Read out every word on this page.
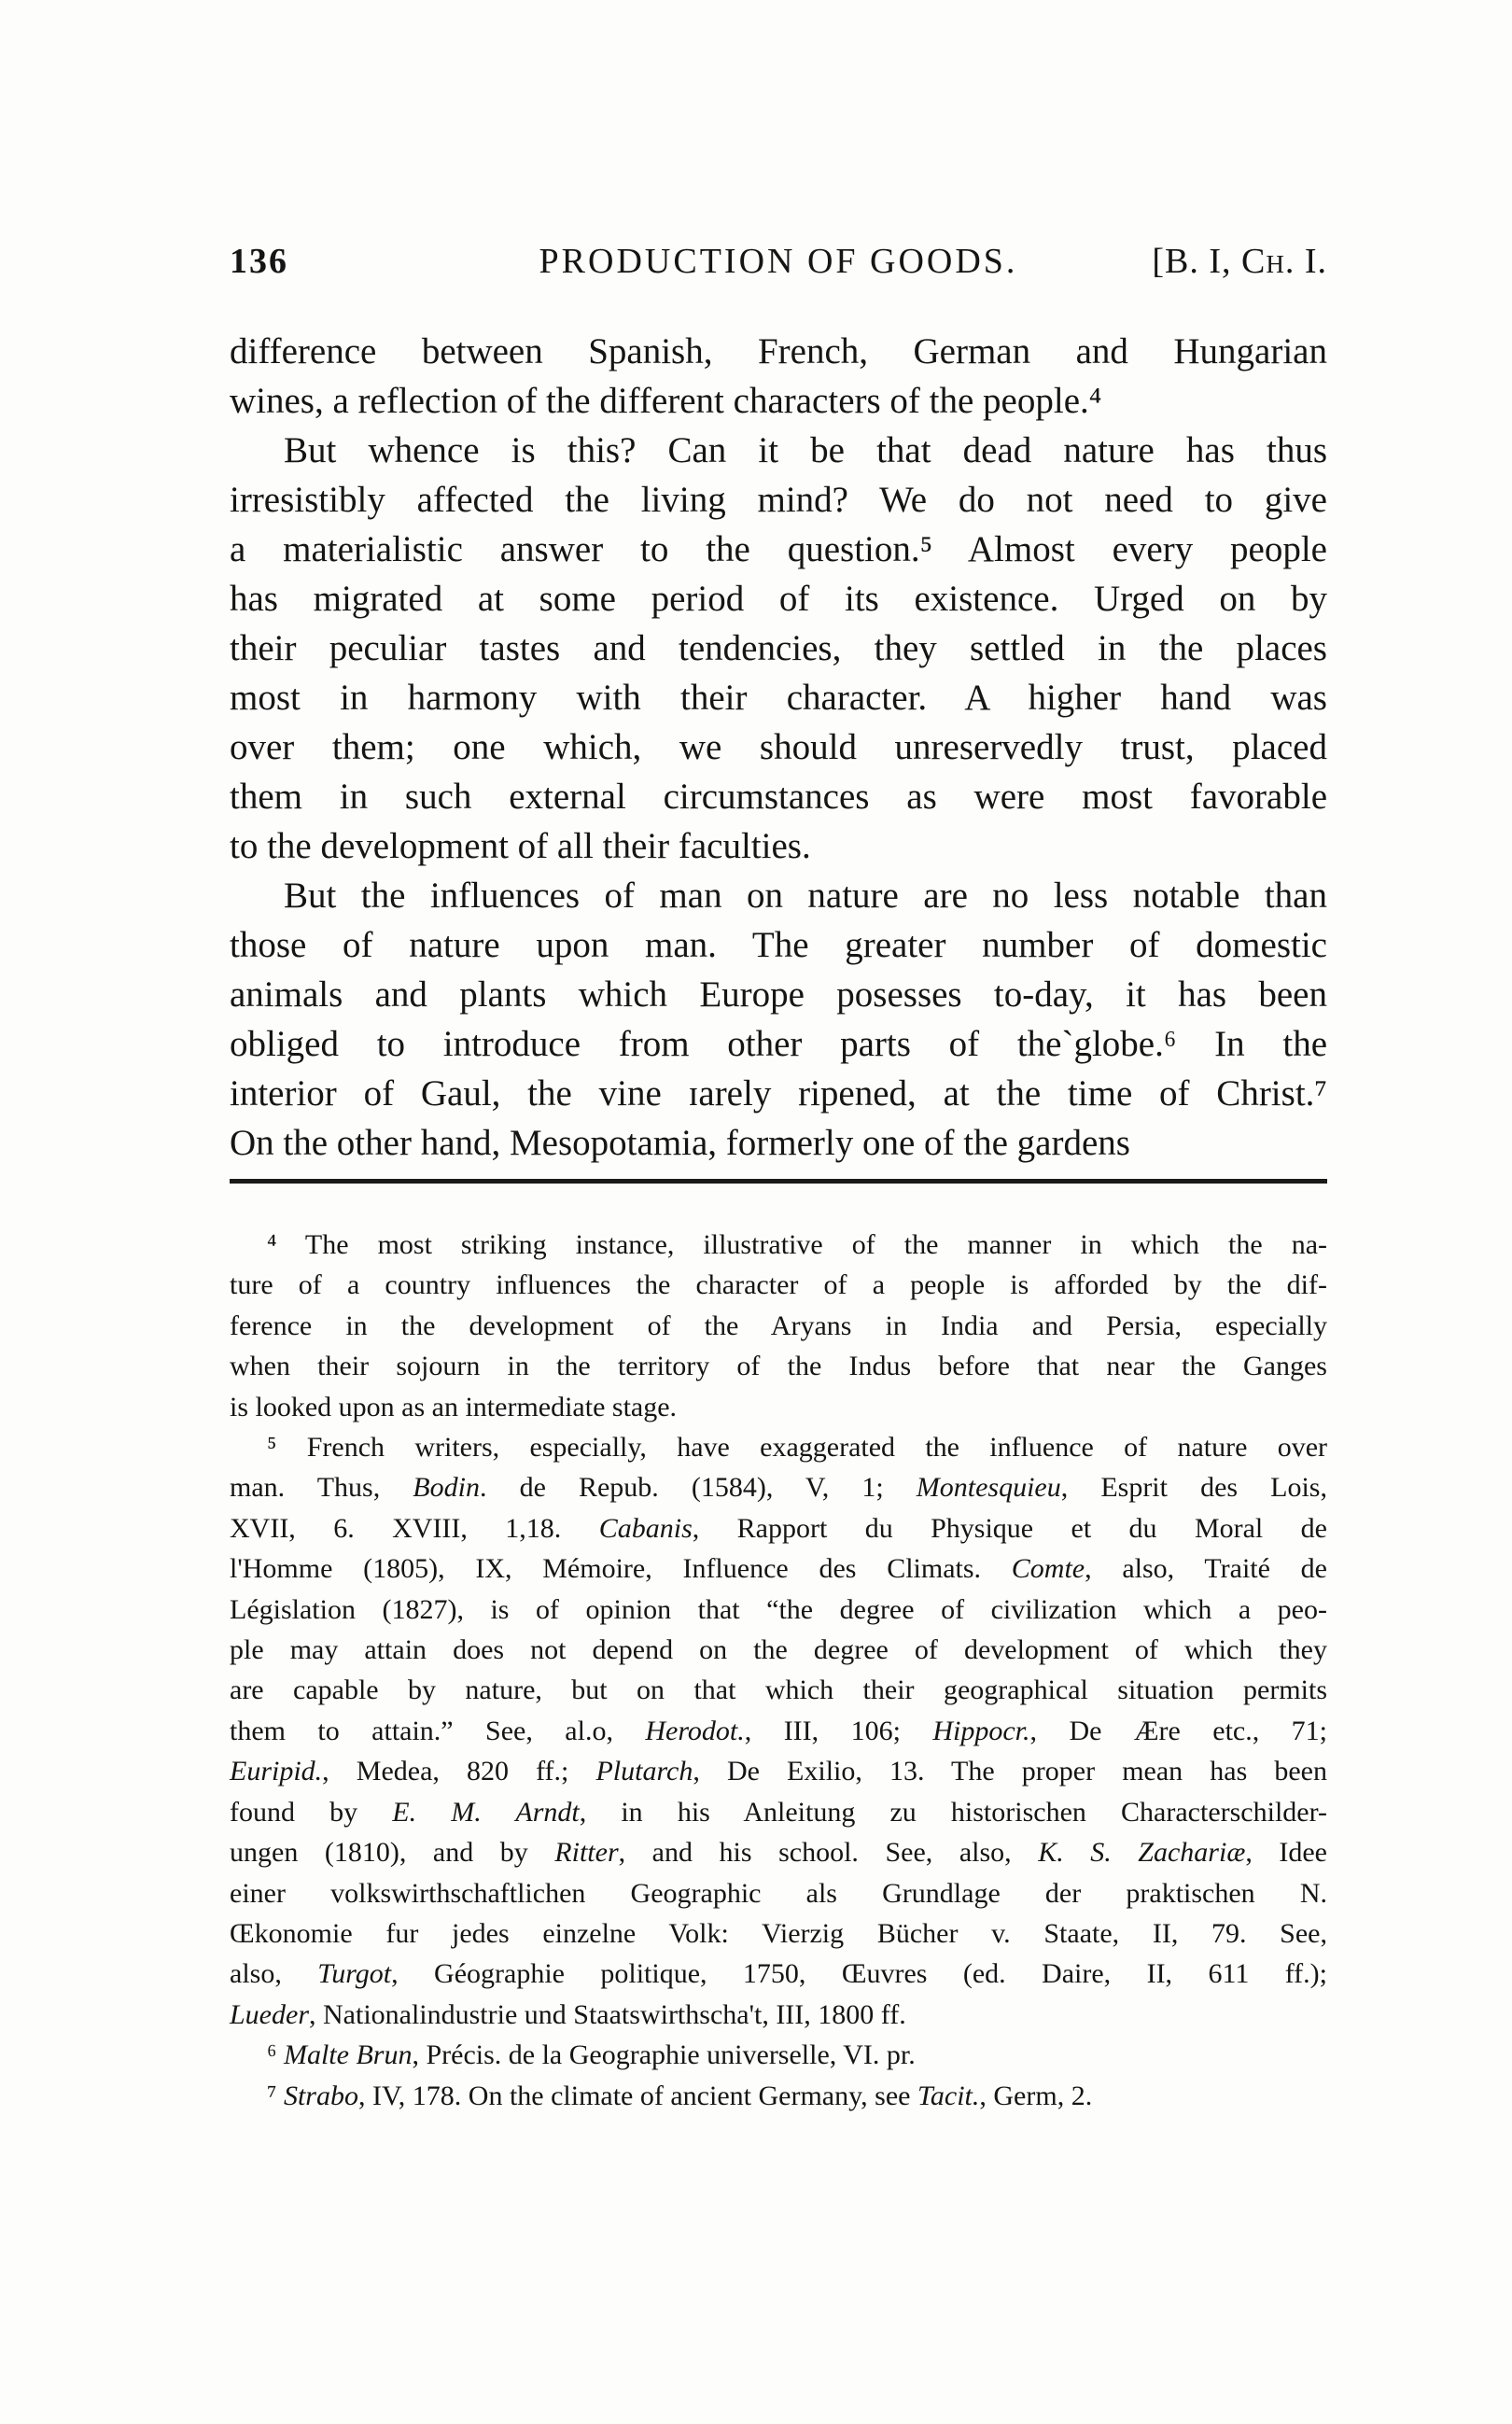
136	PRODUCTION OF GOODS.	[B. I, Ch. I.
difference between Spanish, French, German and Hungarian
wines, a reflection of the different characters of the people.⁴
But whence is this? Can it be that dead nature has thus
irresistibly affected the living mind? We do not need to give
a materialistic answer to the question.⁵ Almost every people
has migrated at some period of its existence. Urged on by
their peculiar tastes and tendencies, they settled in the places
most in harmony with their character. A higher hand was
over them; one which, we should unreservedly trust, placed
them in such external circumstances as were most favorable
to the development of all their faculties.
But the influences of man on nature are no less notable than
those of nature upon man. The greater number of domestic
animals and plants which Europe posesses to-day, it has been
obliged to introduce from other parts of the`globe.⁶ In the
interior of Gaul, the vine ɪarely ripened, at the time of Christ.⁷
On the other hand, Mesopotamia, formerly one of the gardens
⁴ The most striking instance, illustrative of the manner in which the na-
ture of a country influences the character of a people is afforded by the dif-
ference in the development of the Aryans in India and Persia, especially
when their sojourn in the territory of the Indus before that near the Ganges
is looked upon as an intermediate stage.
⁵ French writers, especially, have exaggerated the influence of nature over
man. Thus, Bodin. de Repub. (1584), V, 1; Montesquieu, Esprit des Lois,
XVII, 6. XVIII, 1,18. Cabanis, Rapport du Physique et du Moral de
l'Homme (1805), IX, Mémoire, Influence des Climats. Comte, also, Traité de
Législation (1827), is of opinion that “the degree of civilization which a peo-
ple may attain does not depend on the degree of development of which they
are capable by nature, but on that which their geographical situation permits
them to attain.” See, al.o, Herodot., III, 106; Hippocr., De Ære etc., 71;
Euripid., Medea, 820 ff.; Plutarch, De Exilio, 13. The proper mean has been
found by E. M. Arndt, in his Anleitung zu historischen Characterschilder-
ungen (1810), and by Ritter, and his school. See, also, K. S. Zachariæ, Idee
einer volkswirthschaftlichen Geographic als Grundlage der praktischen N.
Œkonomie fur jedes einzelne Volk: Vierzig Bücher v. Staate, II, 79. See,
also, Turgot, Géographie politique, 1750, Œuvres (ed. Daire, II, 611 ff.);
Lueder, Nationalindustrie und Staatswirthscha't, III, 1800 ff.
⁶ Malte Brun, Précis. de la Geographie universelle, VI. pr.
⁷ Strabo, IV, 178. On the climate of ancient Germany, see Tacit., Germ, 2.
